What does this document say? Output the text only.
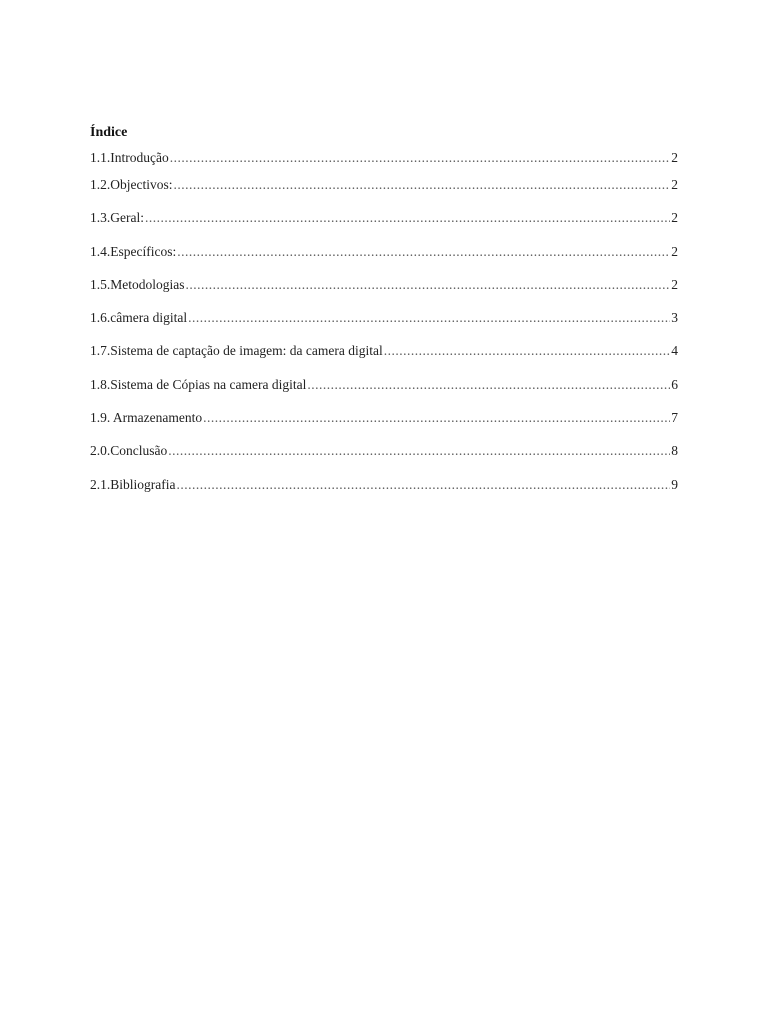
Índice
1.1.Introdução .....	2
1.2.Objectivos: .....	2
1.3.Geral: .....	2
1.4.Específicos: .....	2
1.5.Metodologias .....	2
1.6.câmera digital .....	3
1.7.Sistema de captação de imagem: da camera digital .....	4
1.8.Sistema de Cópias na camera digital .....	6
1.9. Armazenamento .....	7
2.0.Conclusão .....	8
2.1.Bibliografia .....	9
